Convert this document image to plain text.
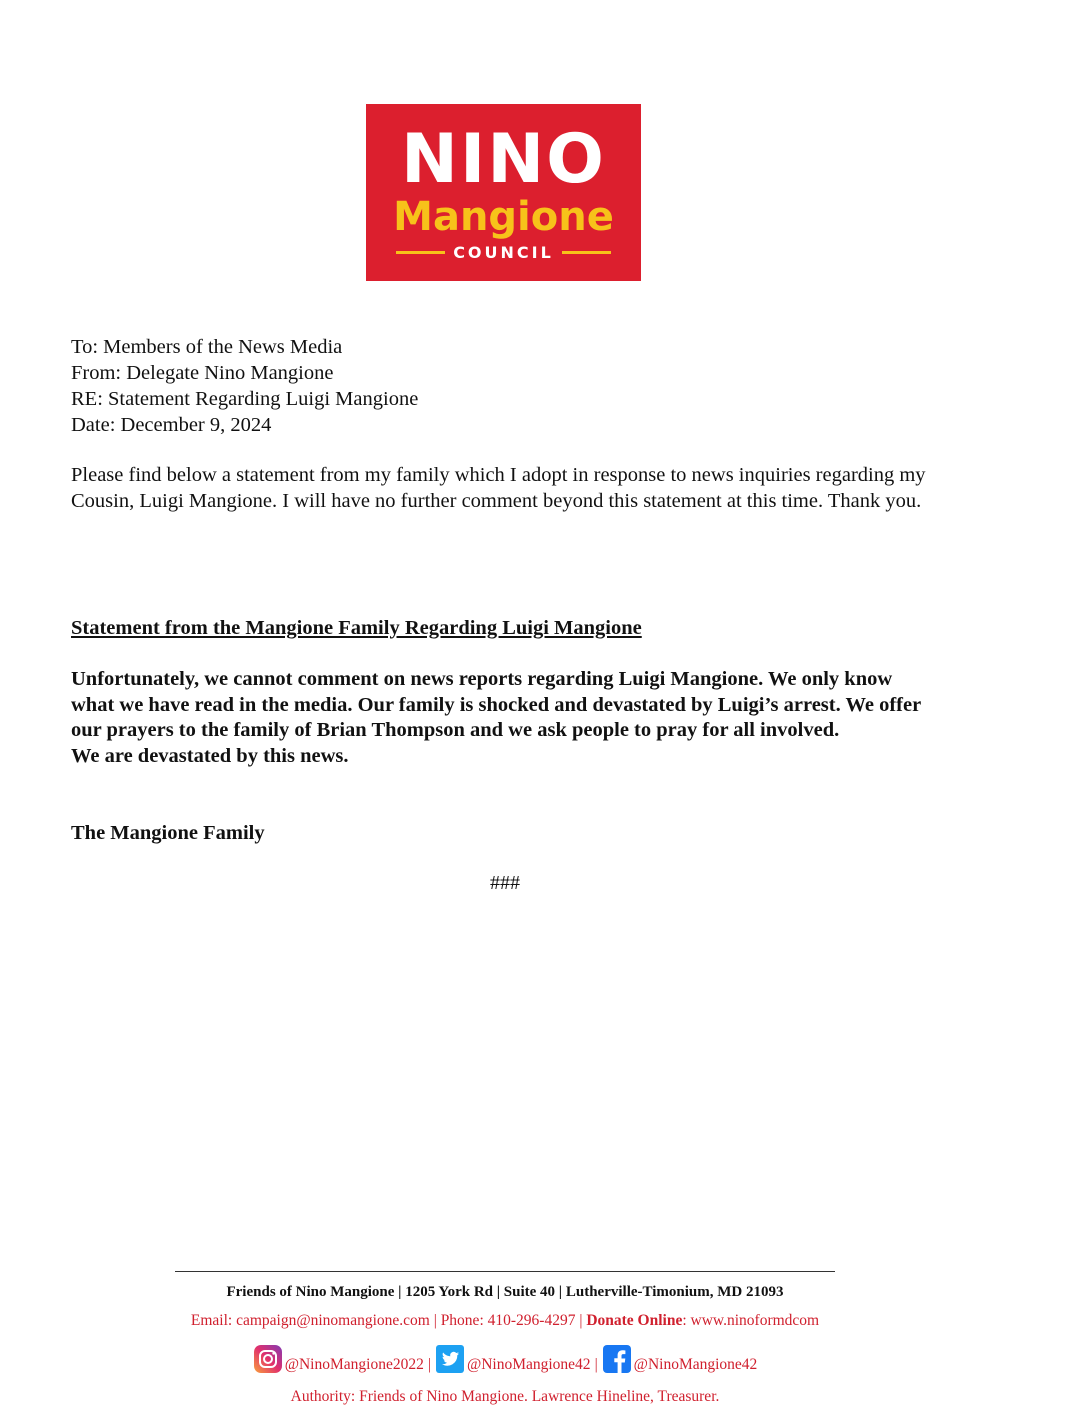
NINO
Mangione
COUNCIL
To: Members of the News Media
From: Delegate Nino Mangione
RE: Statement Regarding Luigi Mangione
Date: December 9, 2024
Please find below a statement from my family which I adopt in response to news inquiries regarding my Cousin, Luigi Mangione. I will have no further comment beyond this statement at this time. Thank you.
Statement from the Mangione Family Regarding Luigi Mangione

Unfortunately, we cannot comment on news reports regarding Luigi Mangione. We only know what we have read in the media. Our family is shocked and devastated by Luigi’s arrest. We offer our prayers to the family of Brian Thompson and we ask people to pray for all involved.

We are devastated by this news.

The Mangione Family
###
Friends of Nino Mangione | 1205 York Rd | Suite 40 | Lutherville-Timonium, MD 21093
Email: campaign@ninomangione.com | Phone: 410-296-4297 | Donate Online: www.ninoformdcom
@NinoMangione2022 | @NinoMangione42 | @NinoMangione42
Authority: Friends of Nino Mangione. Lawrence Hineline, Treasurer.
